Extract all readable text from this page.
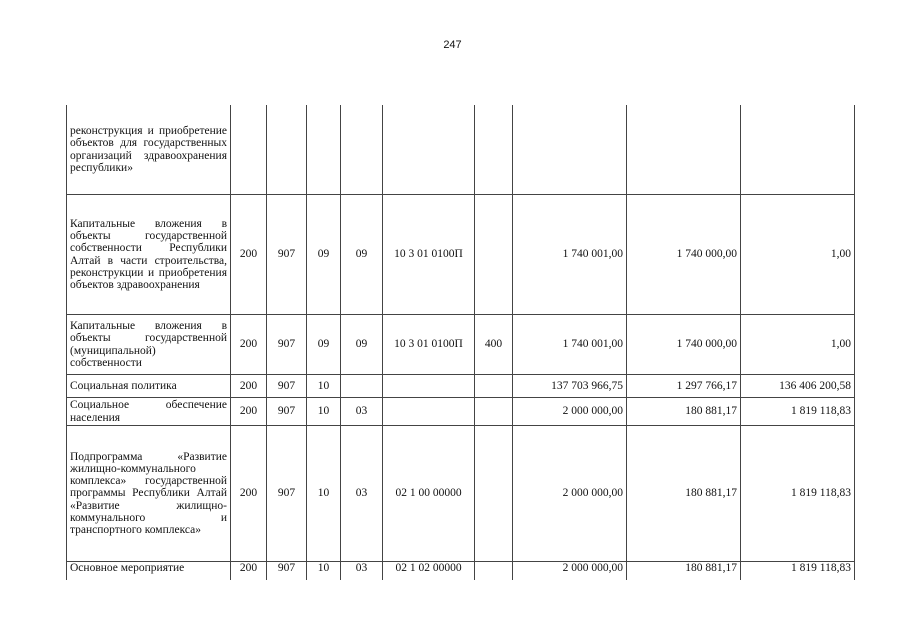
247
реконструкция и приобретение объектов для государственных организаций здравоохранения республики»									
Капитальные вложения в объекты государственной собственности Республики Алтай в части строительства, реконструкции и приобретения объектов здравоохранения	200	907	09	09	10 3 01 0100П		1 740 001,00	1 740 000,00	1,00
Капитальные вложения в объекты государственной (муниципальной) собственности	200	907	09	09	10 3 01 0100П	400	1 740 001,00	1 740 000,00	1,00
Социальная политика	200	907	10				137 703 966,75	1 297 766,17	136 406 200,58
Социальное обеспечение населения	200	907	10	03			2 000 000,00	180 881,17	1 819 118,83
Подпрограмма «Развитие жилищно-коммунального комплекса» государственной программы Республики Алтай «Развитие жилищно-коммунального и транспортного комплекса»	200	907	10	03	02 1 00 00000		2 000 000,00	180 881,17	1 819 118,83
Основное мероприятие	200	907	10	03	02 1 02 00000		2 000 000,00	180 881,17	1 819 118,83
